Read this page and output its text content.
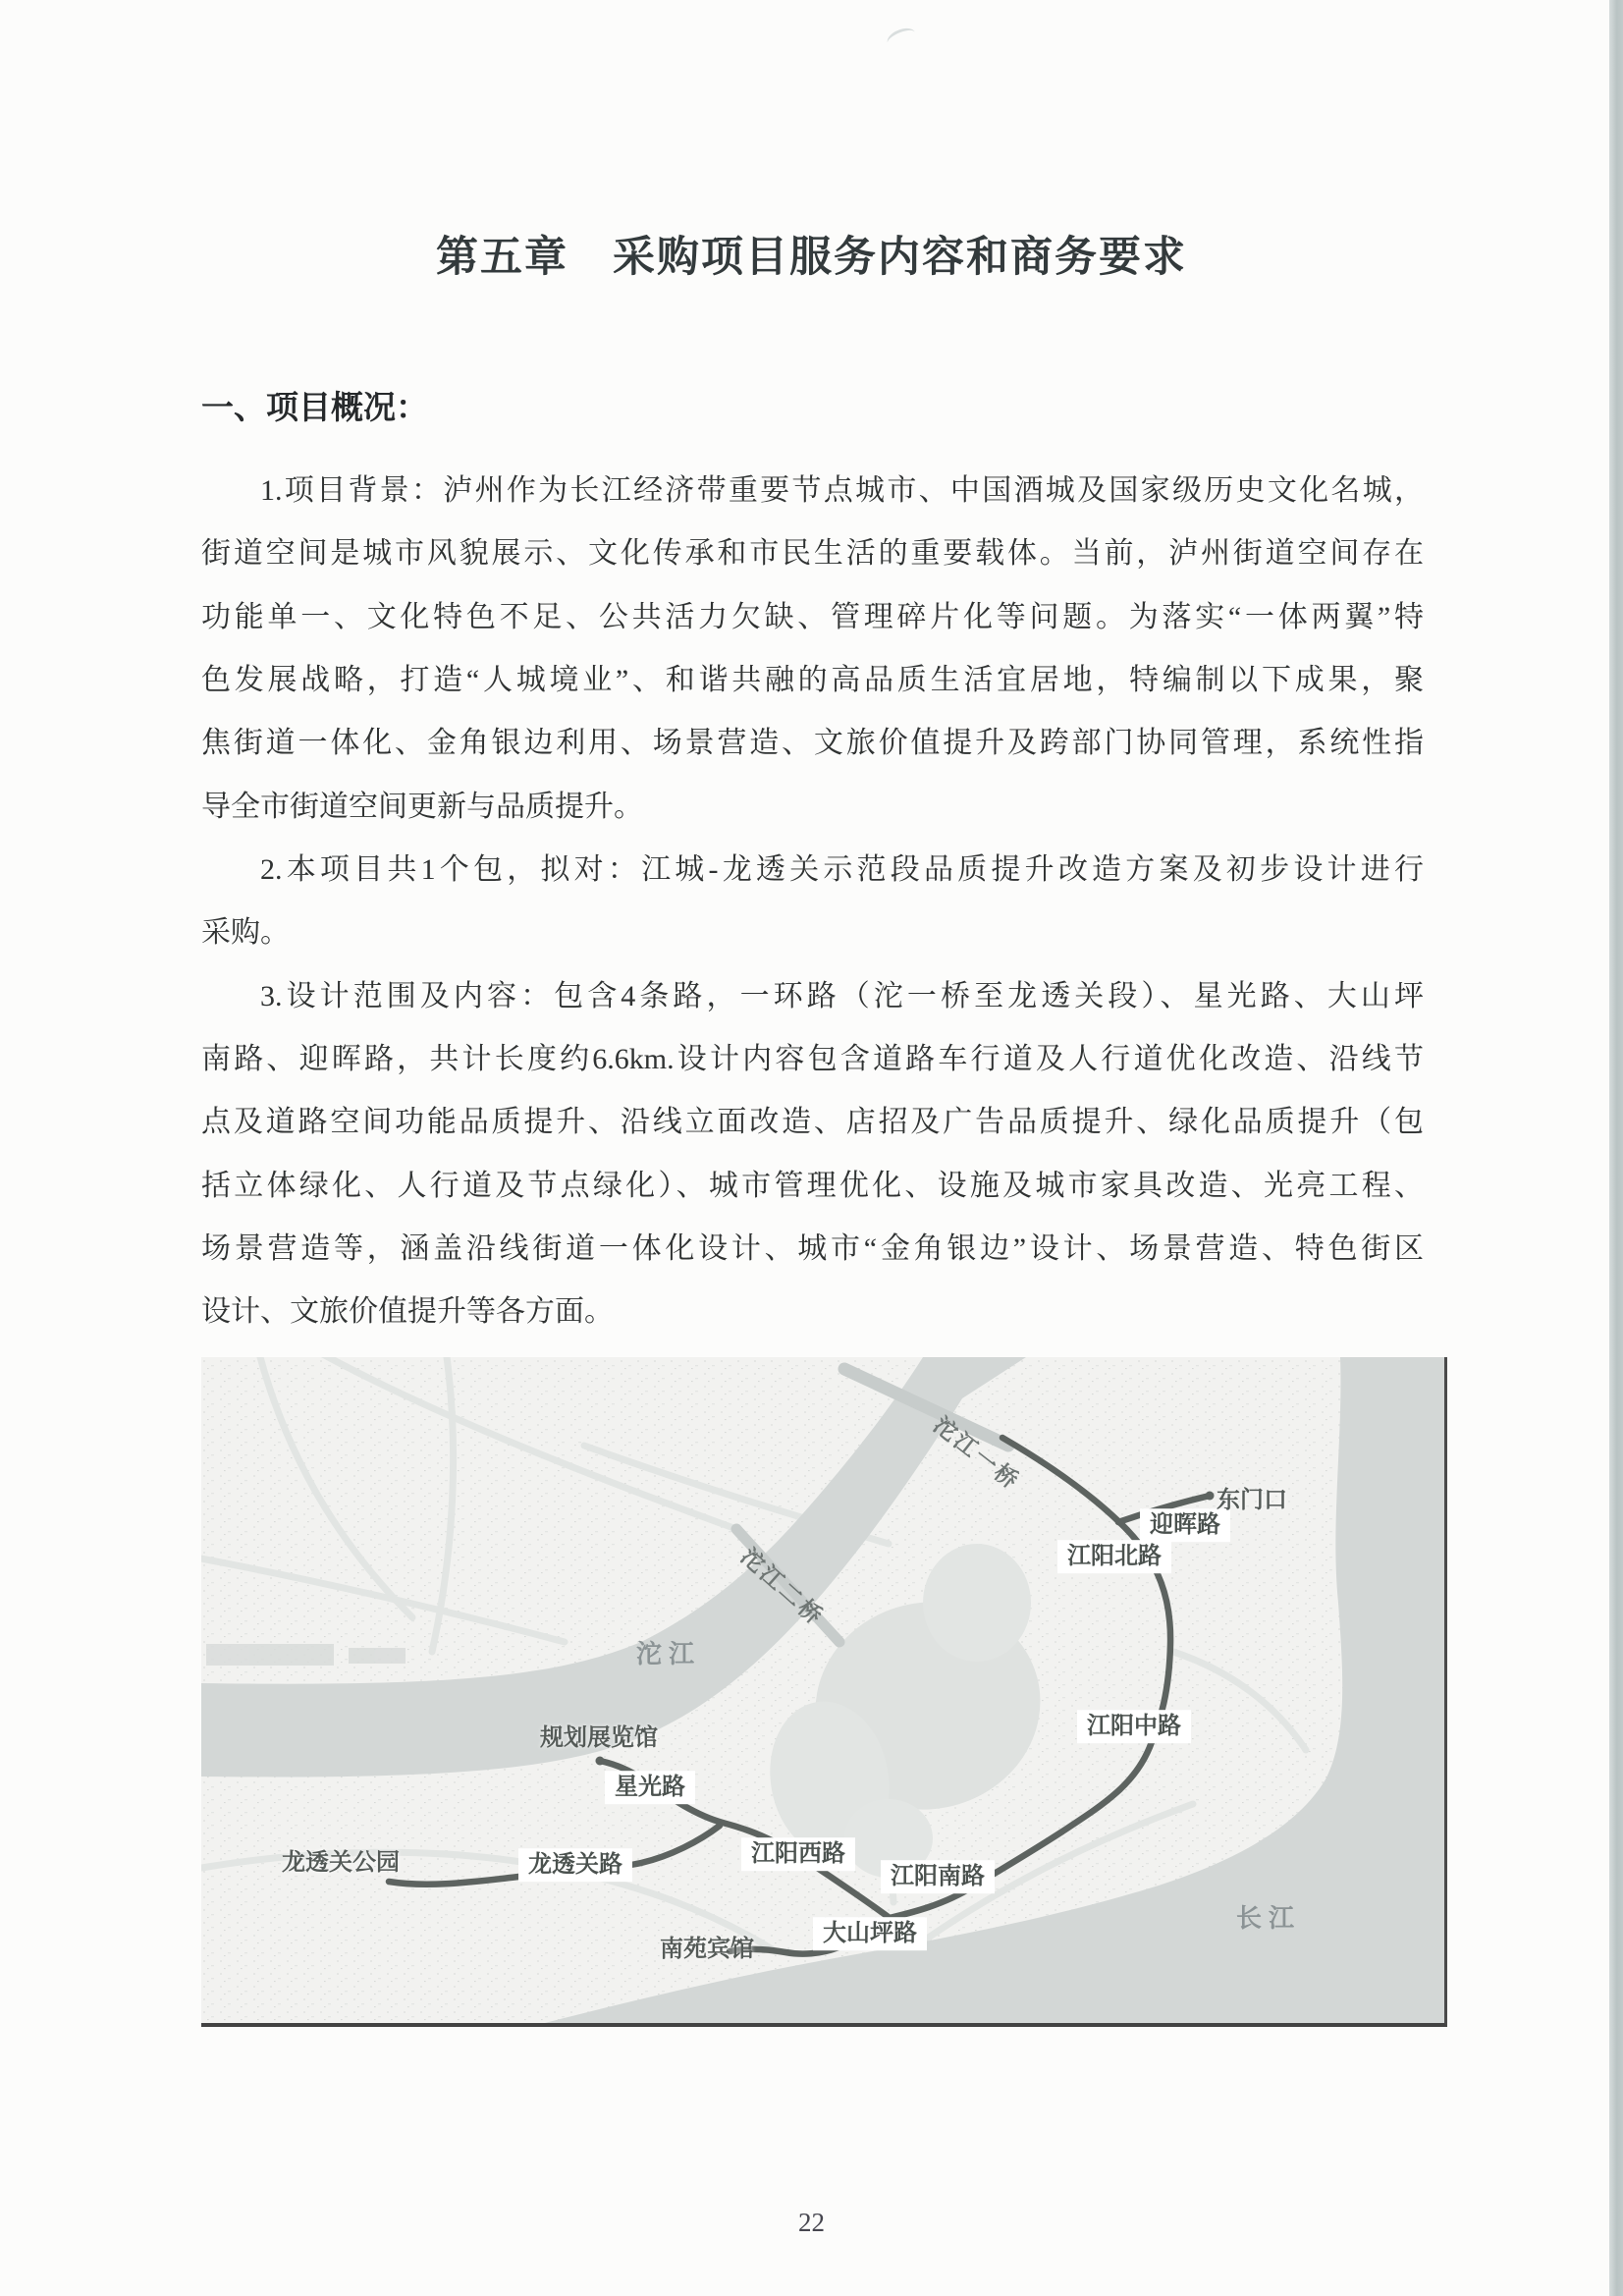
第五章　采购项目服务内容和商务要求
一、项目概况：
1.项目背景：泸州作为长江经济带重要节点城市、中国酒城及国家级历史文化名城，
街道空间是城市风貌展示、文化传承和市民生活的重要载体。当前，泸州街道空间存在
功能单一、文化特色不足、公共活力欠缺、管理碎片化等问题。为落实“一体两翼”特
色发展战略，打造“人城境业”、和谐共融的高品质生活宜居地，特编制以下成果，聚
焦街道一体化、金角银边利用、场景营造、文旅价值提升及跨部门协同管理，系统性指
导全市街道空间更新与品质提升。
2.本项目共1个包，拟对：江城-龙透关示范段品质提升改造方案及初步设计进行
采购。
3.设计范围及内容：包含4条路，一环路（沱一桥至龙透关段）、星光路、大山坪
南路、迎晖路，共计长度约6.6km.设计内容包含道路车行道及人行道优化改造、沿线节
点及道路空间功能品质提升、沿线立面改造、店招及广告品质提升、绿化品质提升（包
括立体绿化、人行道及节点绿化）、城市管理优化、设施及城市家具改造、光亮工程、
场景营造等，涵盖沿线街道一体化设计、城市“金角银边”设计、场景营造、特色街区
设计、文旅价值提升等各方面。
迎晖路
江阳北路
江阳中路
江阳西路
江阳南路
大山坪路
星光路
龙透关路
东门口
规划展览馆
龙透关公园
南苑宾馆
沱江
长江
沱江一桥
沱江二桥
22
